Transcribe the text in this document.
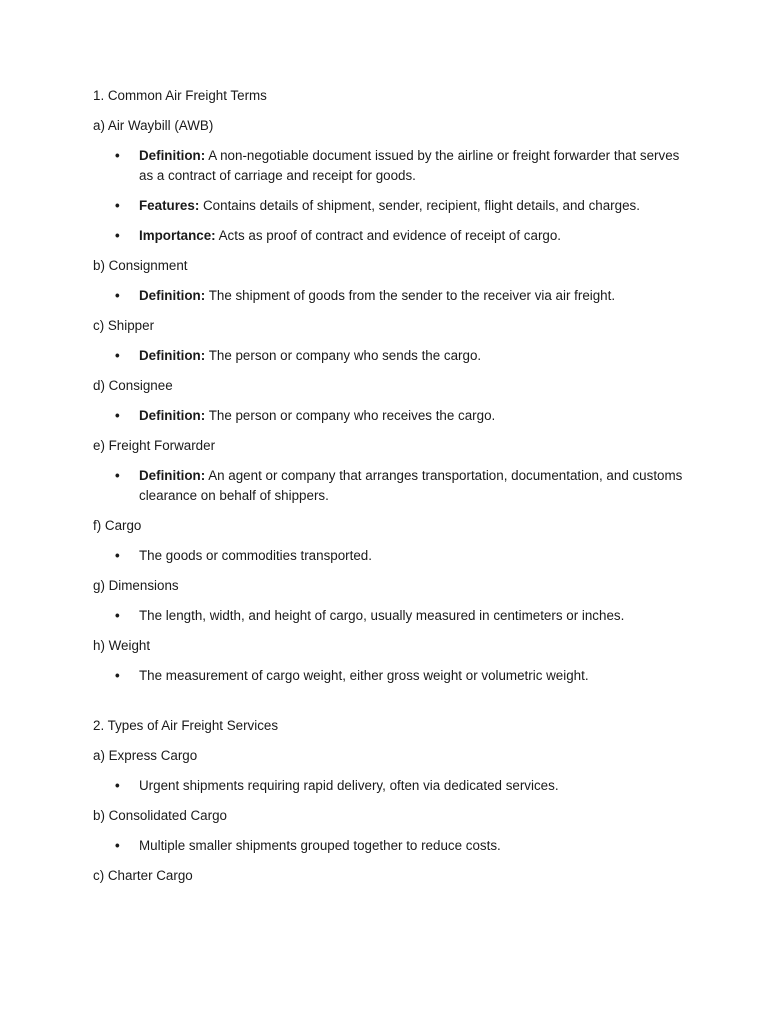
1. Common Air Freight Terms

a) Air Waybill (AWB)

• Definition: A non-negotiable document issued by the airline or freight forwarder that serves as a contract of carriage and receipt for goods.
• Features: Contains details of shipment, sender, recipient, flight details, and charges.
• Importance: Acts as proof of contract and evidence of receipt of cargo.

b) Consignment

• Definition: The shipment of goods from the sender to the receiver via air freight.

c) Shipper

• Definition: The person or company who sends the cargo.

d) Consignee

• Definition: The person or company who receives the cargo.

e) Freight Forwarder

• Definition: An agent or company that arranges transportation, documentation, and customs clearance on behalf of shippers.

f) Cargo

• The goods or commodities transported.

g) Dimensions

• The length, width, and height of cargo, usually measured in centimeters or inches.

h) Weight

• The measurement of cargo weight, either gross weight or volumetric weight.

2. Types of Air Freight Services

a) Express Cargo

• Urgent shipments requiring rapid delivery, often via dedicated services.

b) Consolidated Cargo

• Multiple smaller shipments grouped together to reduce costs.

c) Charter Cargo
